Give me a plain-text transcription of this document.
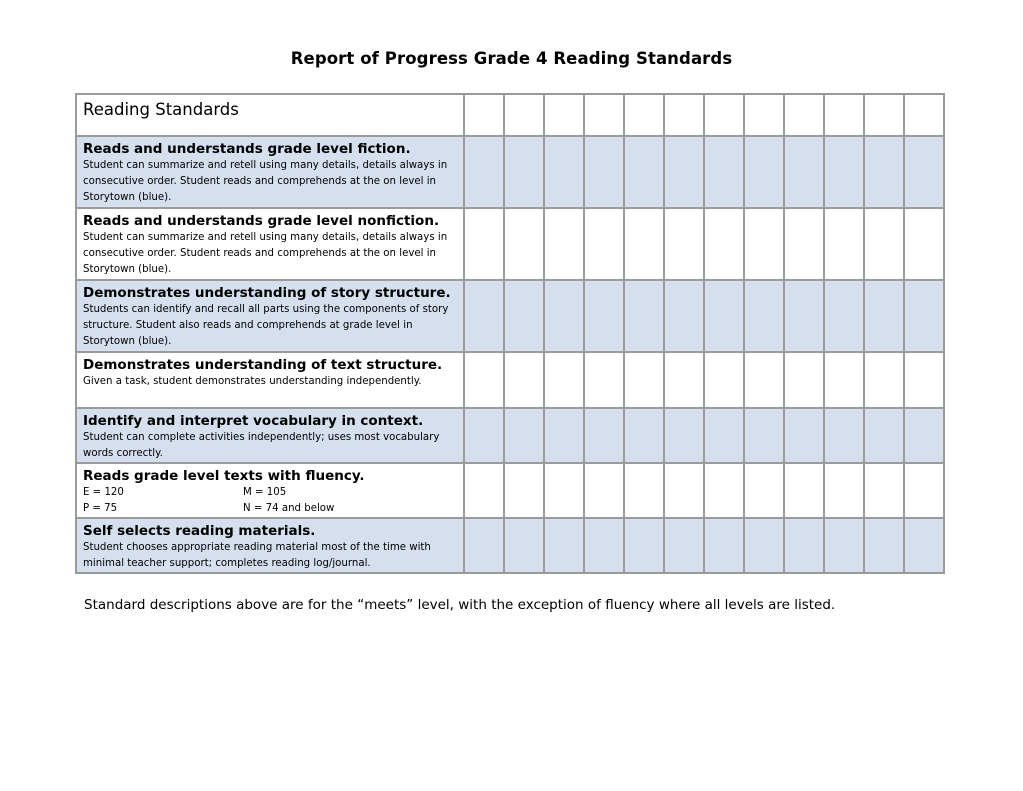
Report of Progress Grade 4 Reading Standards
Reading Standards												

Reads and understands grade level fiction.
Student can summarize and retell using many details, details always in consecutive order. Student reads and comprehends at the on level in Storytown (blue).												

Reads and understands grade level nonfiction.
Student can summarize and retell using many details, details always in consecutive order. Student reads and comprehends at the on level in Storytown (blue).												

Demonstrates understanding of story structure.
Students can identify and recall all parts using the components of story structure. Student also reads and comprehends at grade level in Storytown (blue).												

Demonstrates understanding of text structure.
Given a task, student demonstrates understanding independently.												

Identify and interpret vocabulary in context.
Student can complete activities independently; uses most vocabulary words correctly.												

Reads grade level texts with fluency.
E = 120 M = 105
P = 75 N = 74 and below												

Self selects reading materials.
Student chooses appropriate reading material most of the time with minimal teacher support; completes reading log/journal.												

Standard descriptions above are for the “meets” level, with the exception of fluency where all levels are listed.
